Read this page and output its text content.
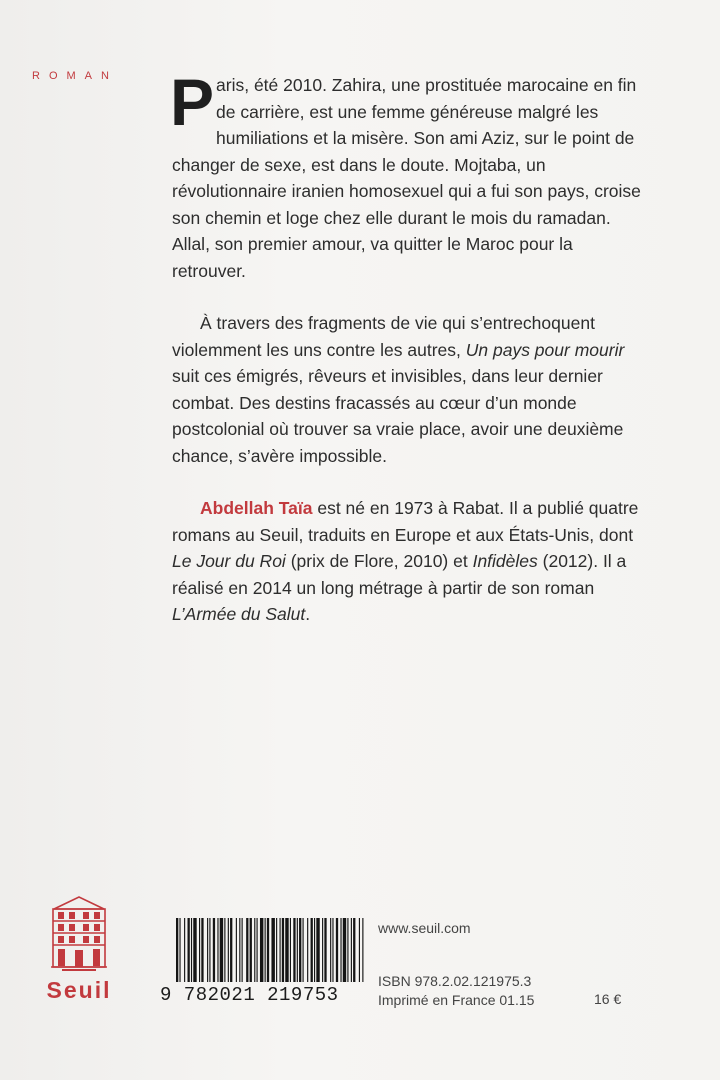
ROMAN Paris, été 2010. Zahira, une prostituée marocaine en fin de carrière, est une femme généreuse malgré les humiliations et la misère. Son ami Aziz, sur le point de changer de sexe, est dans le doute. Mojtaba, un révolutionnaire iranien homosexuel qui a fui son pays, croise son chemin et loge chez elle durant le mois du ramadan. Allal, son premier amour, va quitter le Maroc pour la retrouver.

À travers des fragments de vie qui s’entrechoquent violemment les uns contre les autres, Un pays pour mourir suit ces émigrés, rêveurs et invisibles, dans leur dernier combat. Des destins fracassés au cœur d’un monde postcolonial où trouver sa vraie place, avoir une deuxième chance, s’avère impossible.

Abdellah Taïa est né en 1973 à Rabat. Il a publié quatre romans au Seuil, traduits en Europe et aux États-Unis, dont Le Jour du Roi (prix de Flore, 2010) et Infidèles (2012). Il a réalisé en 2014 un long métrage à partir de son roman L’Armée du Salut.

Seuil	9 782021 219753
www.seuil.com
ISBN 978.2.02.121975.3
Imprimé en France 01.15	16 €
